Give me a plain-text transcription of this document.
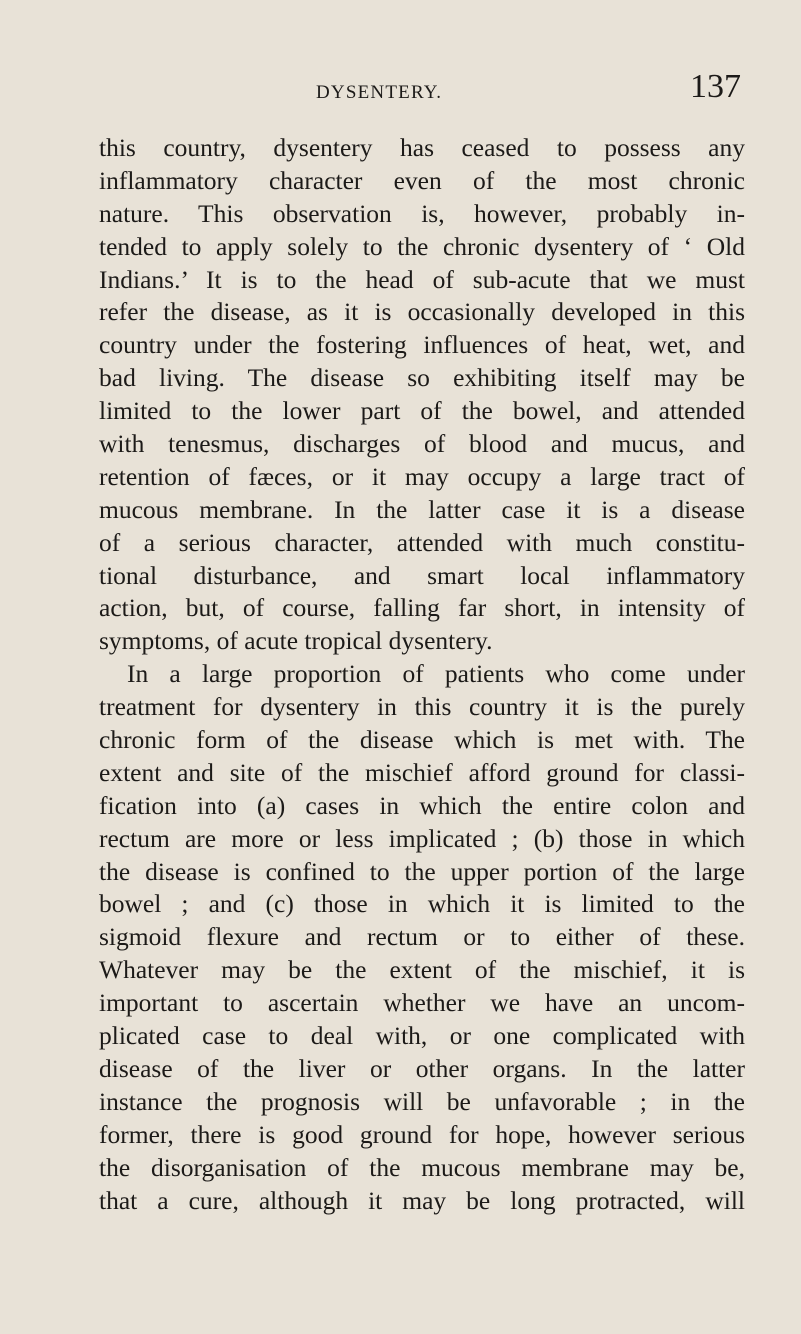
DYSENTERY.	137
this country, dysentery has ceased to possess any
inflammatory character even of the most chronic
nature. This observation is, however, probably in-
tended to apply solely to the chronic dysentery of ‘ Old
Indians.’ It is to the head of sub-acute that we must
refer the disease, as it is occasionally developed in this
country under the fostering influences of heat, wet, and
bad living. The disease so exhibiting itself may be
limited to the lower part of the bowel, and attended
with tenesmus, discharges of blood and mucus, and
retention of fæces, or it may occupy a large tract of
mucous membrane. In the latter case it is a disease
of a serious character, attended with much constitu-
tional disturbance, and smart local inflammatory
action, but, of course, falling far short, in intensity of
symptoms, of acute tropical dysentery.
In a large proportion of patients who come under
treatment for dysentery in this country it is the purely
chronic form of the disease which is met with. The
extent and site of the mischief afford ground for classi-
fication into (a) cases in which the entire colon and
rectum are more or less implicated ; (b) those in which
the disease is confined to the upper portion of the large
bowel ; and (c) those in which it is limited to the
sigmoid flexure and rectum or to either of these.
Whatever may be the extent of the mischief, it is
important to ascertain whether we have an uncom-
plicated case to deal with, or one complicated with
disease of the liver or other organs. In the latter
instance the prognosis will be unfavorable ; in the
former, there is good ground for hope, however serious
the disorganisation of the mucous membrane may be,
that a cure, although it may be long protracted, will
